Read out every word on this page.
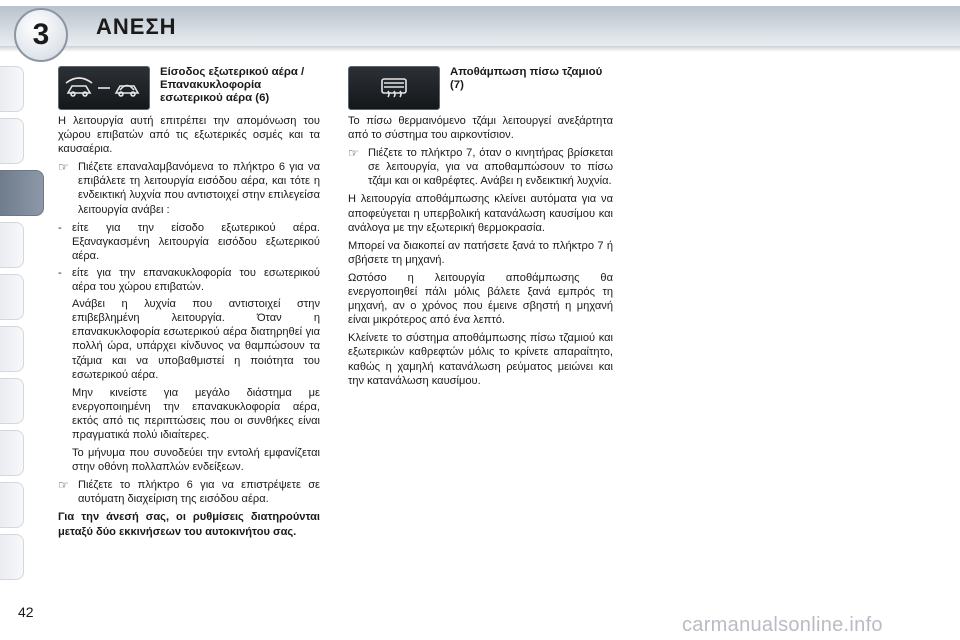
3 ΑΝΕΣΗ
Είσοδος εξωτερικού αέρα / Επανακυκλοφορία εσωτερικού αέρα (6)

Η λειτουργία αυτή επιτρέπει την απομόνωση του χώρου επιβατών από τις εξωτερικές οσμές και τα καυσαέρια.

☞ Πιέζετε επαναλαμβανόμενα το πλήκτρο 6 για να επιβάλετε τη λειτουργία εισόδου αέρα, και τότε η ενδεικτική λυχνία που αντιστοιχεί στην επιλεγείσα λειτουργία ανάβει :
- είτε για την είσοδο εξωτερικού αέρα. Εξαναγκασμένη λειτουργία εισόδου εξωτερικού αέρα.
- είτε για την επανακυκλοφορία του εσωτερικού αέρα του χώρου επιβατών.

Ανάβει η λυχνία που αντιστοιχεί στην επιβεβλημένη λειτουργία. Όταν η επανακυκλοφορία εσωτερικού αέρα διατηρηθεί για πολλή ώρα, υπάρχει κίνδυνος να θαμπώσουν τα τζάμια και να υποβαθμιστεί η ποιότητα του εσωτερικού αέρα.

Μην κινείστε για μεγάλο διάστημα με ενεργοποιημένη την επανακυκλοφορία αέρα, εκτός από τις περιπτώσεις που οι συνθήκες είναι πραγματικά πολύ ιδιαίτερες.

Το μήνυμα που συνοδεύει την εντολή εμφανίζεται στην οθόνη πολλαπλών ενδείξεων.

☞ Πιέζετε το πλήκτρο 6 για να επιστρέψετε σε αυτόματη διαχείριση της εισόδου αέρα.

Για την άνεσή σας, οι ρυθμίσεις διατηρούνται μεταξύ δύο εκκινήσεων του αυτοκινήτου σας.

Αποθάμπωση πίσω τζαμιού (7)

Το πίσω θερμαινόμενο τζάμι λειτουργεί ανεξάρτητα από το σύστημα του αιρκοντίσιον.

☞ Πιέζετε το πλήκτρο 7, όταν ο κινητήρας βρίσκεται σε λειτουργία, για να αποθαμπώσουν το πίσω τζάμι και οι καθρέφτες. Ανάβει η ενδεικτική λυχνία.

Η λειτουργία αποθάμπωσης κλείνει αυτόματα για να αποφεύγεται η υπερβολική κατανάλωση καυσίμου και ανάλογα με την εξωτερική θερμοκρασία.

Μπορεί να διακοπεί αν πατήσετε ξανά το πλήκτρο 7 ή σβήσετε τη μηχανή.

Ωστόσο η λειτουργία αποθάμπωσης θα ενεργοποιηθεί πάλι μόλις βάλετε ξανά εμπρός τη μηχανή, αν ο χρόνος που έμεινε σβηστή η μηχανή είναι μικρότερος από ένα λεπτό.

Κλείνετε το σύστημα αποθάμπωσης πίσω τζαμιού και εξωτερικών καθρεφτών μόλις το κρίνετε απαραίτητο, καθώς η χαμηλή κατανάλωση ρεύματος μειώνει και την κατανάλωση καυσίμου.

42
carmanualsonline.info
